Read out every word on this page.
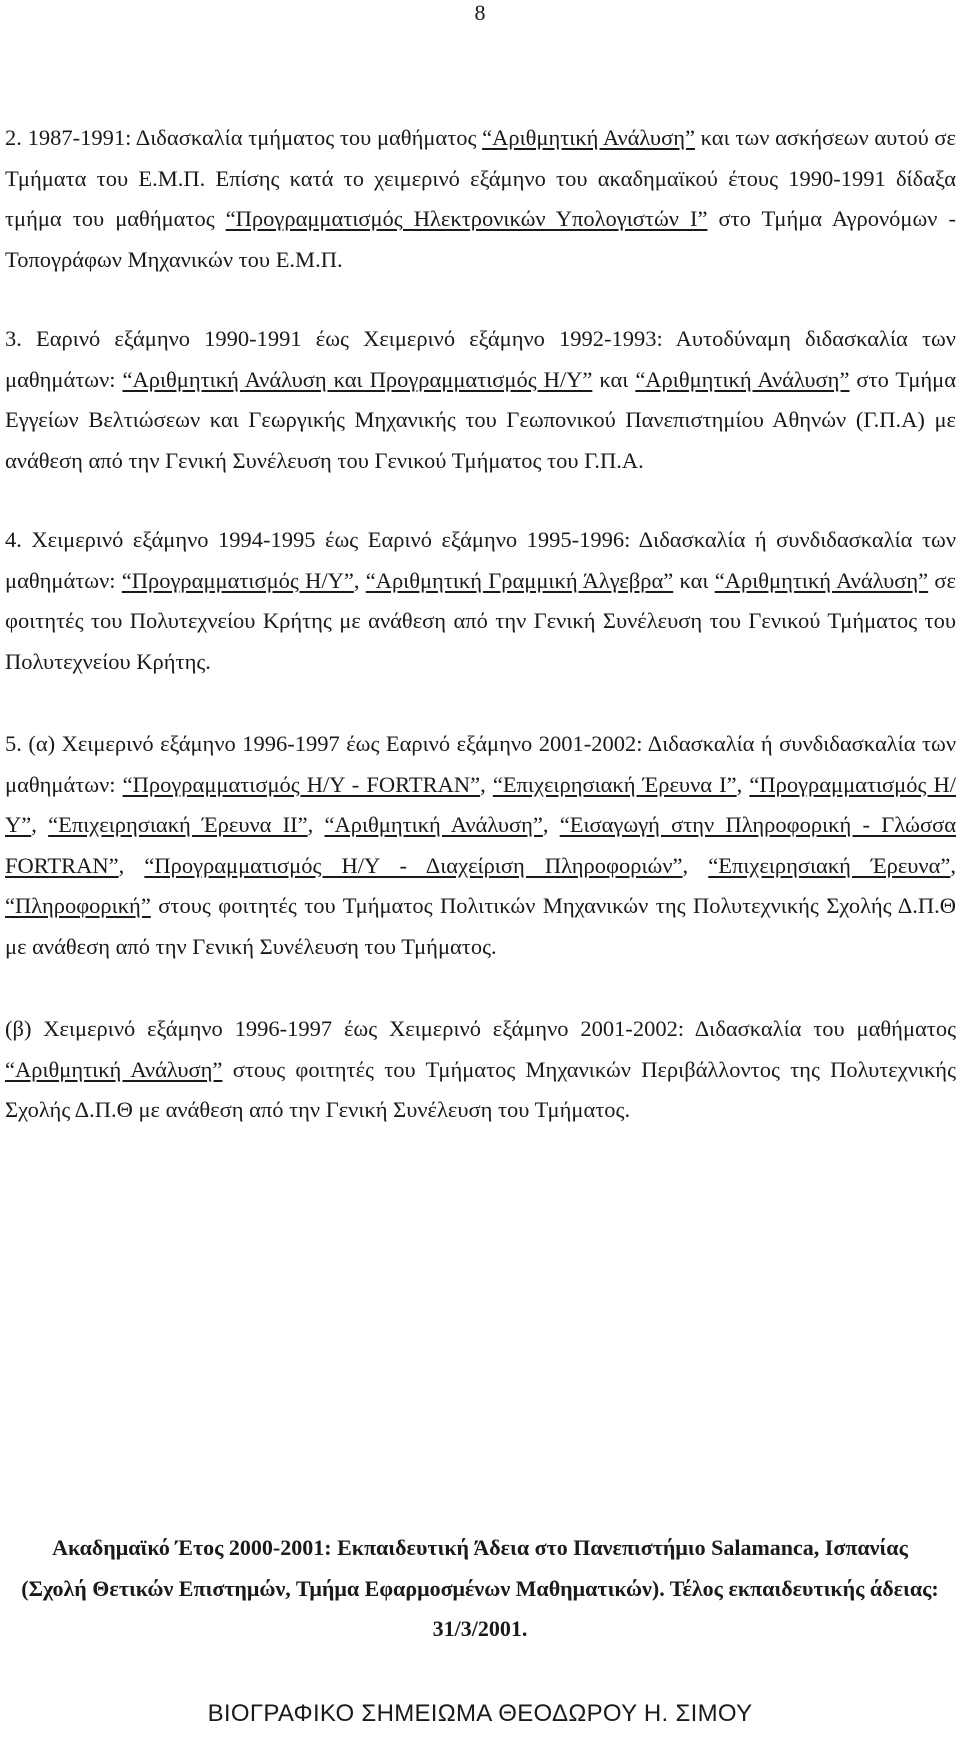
8

2. 1987-1991: Διδασκαλία τμήματος του μαθήματος “Αριθμητική Ανάλυση” και των ασκήσεων αυτού σε Τμήματα του Ε.Μ.Π. Επίσης κατά το χειμερινό εξάμηνο του ακαδημαϊκού έτους 1990-1991 δίδαξα τμήμα του μαθήματος “Προγραμματισμός Ηλεκτρονικών Υπολογιστών Ι” στο Τμήμα Αγρονόμων - Τοπογράφων Μηχανικών του Ε.Μ.Π.

3. Εαρινό εξάμηνο 1990-1991 έως Χειμερινό εξάμηνο 1992-1993: Αυτοδύναμη διδασκαλία των μαθημάτων: “Αριθμητική Ανάλυση και Προγραμματισμός Η/Υ” και “Αριθμητική Ανάλυση” στο Τμήμα Εγγείων Βελτιώσεων και Γεωργικής Μηχανικής του Γεωπονικού Πανεπιστημίου Αθηνών (Γ.Π.Α) με ανάθεση από την Γενική Συνέλευση του Γενικού Τμήματος του Γ.Π.Α.

4. Χειμερινό εξάμηνο 1994-1995 έως Εαρινό εξάμηνο 1995-1996: Διδασκαλία ή συνδιδασκαλία των μαθημάτων: “Προγραμματισμός Η/Υ”, “Αριθμητική Γραμμική Άλγεβρα” και “Αριθμητική Ανάλυση” σε φοιτητές του Πολυτεχνείου Κρήτης με ανάθεση από την Γενική Συνέλευση του Γενικού Τμήματος του Πολυτεχνείου Κρήτης.

5. (α) Χειμερινό εξάμηνο 1996-1997 έως Εαρινό εξάμηνο 2001-2002: Διδασκαλία ή συνδιδασκαλία των μαθημάτων: “Προγραμματισμός Η/Υ - FORTRAN”, “Επιχειρησιακή Έρευνα Ι”, “Προγραμματισμός Η/Υ”, “Επιχειρησιακή Έρευνα ΙΙ”, “Αριθμητική Ανάλυση”, “Εισαγωγή στην Πληροφορική - Γλώσσα FORTRAN”, “Προγραμματισμός Η/Υ - Διαχείριση Πληροφοριών”, “Επιχειρησιακή Έρευνα”, “Πληροφορική” στους φοιτητές του Τμήματος Πολιτικών Μηχανικών της Πολυτεχνικής Σχολής Δ.Π.Θ με ανάθεση από την Γενική Συνέλευση του Τμήματος.

(β) Χειμερινό εξάμηνο 1996-1997 έως Χειμερινό εξάμηνο 2001-2002: Διδασκαλία του μαθήματος “Αριθμητική Ανάλυση” στους φοιτητές του Τμήματος Μηχανικών Περιβάλλοντος της Πολυτεχνικής Σχολής Δ.Π.Θ με ανάθεση από την Γενική Συνέλευση του Τμήματος.

Ακαδημαϊκό Έτος 2000-2001: Εκπαιδευτική Άδεια στο Πανεπιστήμιο Salamanca, Ισπανίας (Σχολή Θετικών Επιστημών, Τμήμα Εφαρμοσμένων Μαθηματικών). Τέλος εκπαιδευτικής άδειας: 31/3/2001.
ΒΙΟΓΡΑΦΙΚΟ ΣΗΜΕΙΩΜΑ ΘΕΟΔΩΡΟΥ Η. ΣΙΜΟΥ
